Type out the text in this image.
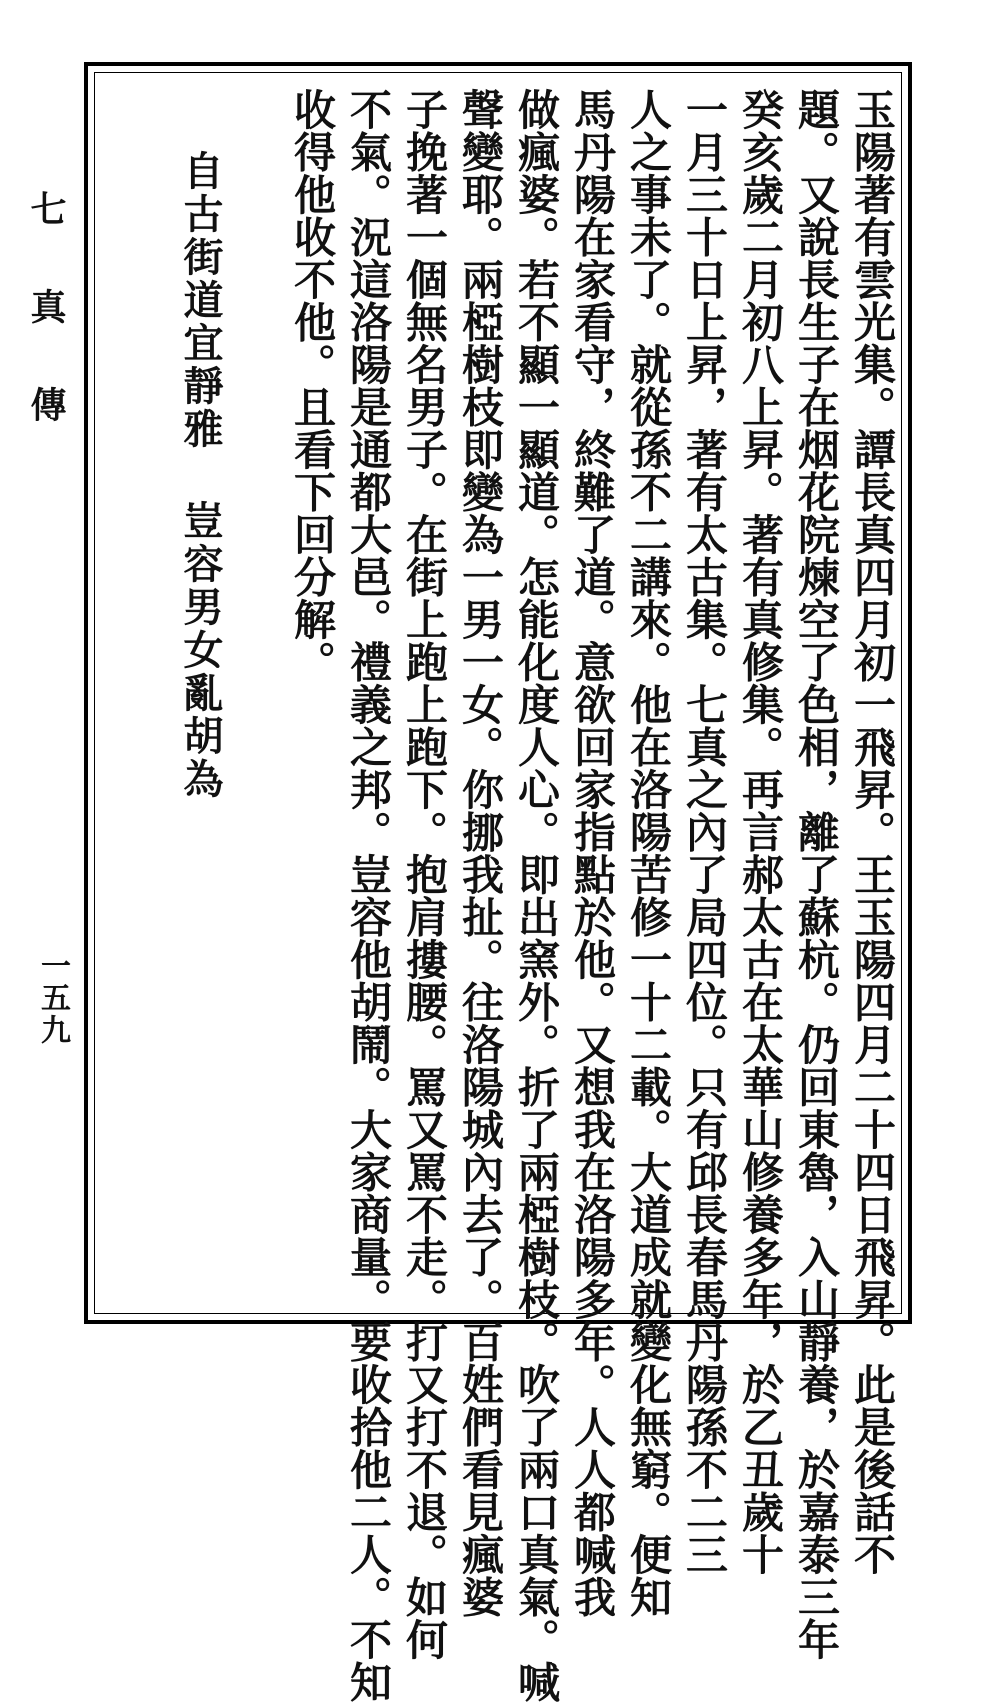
七真傳
一五九	玉陽著有雲光集。譚長真四月初一飛昇。王玉陽四月二十四日飛昇。此是後話不
題。又說長生子在烟花院煉空了色相，離了蘇杭。仍回東魯，入山靜養，於嘉泰三年
癸亥歲二月初八上昇。著有真修集。再言郝太古在太華山修養多年，於乙丑歲十
一月三十日上昇，著有太古集。七真之內了局四位。只有邱長春馬丹陽孫不二三
人之事未了。就從孫不二講來。他在洛陽苦修一十二載。大道成就變化無窮。便知
馬丹陽在家看守，終難了道。意欲回家指點於他。又想我在洛陽多年。人人都喊我
做瘋婆。若不顯一顯道。怎能化度人心。即出窯外。折了兩椏樹枝。吹了兩口真氣。喊
聲變耶。兩椏樹枝即變為一男一女。你挪我扯。往洛陽城內去了。百姓們看見瘋婆
子挽著一個無名男子。在街上跑上跑下。抱肩摟腰。罵又罵不走。打又打不退。如何
不氣。況這洛陽是通都大邑。禮義之邦。豈容他胡鬧。大家商量。要收拾他二人。不知
收得他收不他。且看下回分解。
自古街道宜靜雅
豈容男女亂胡為
